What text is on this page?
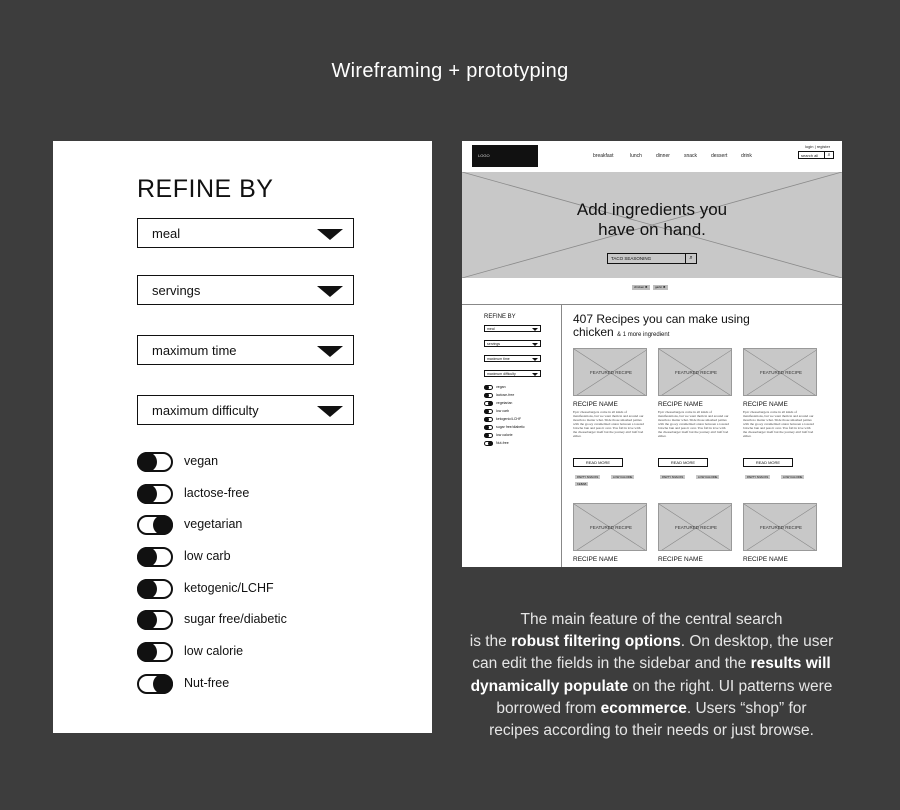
Wireframing + prototyping
REFINE BY
meal
servings
maximum time
maximum difficulty
vegan
lactose-free
vegetarian
low carb
ketogenic/LCHF
sugar free/diabetic
low calorie
Nut-free
LOGO	breakfast	lunch	dinner	snack	dessert	drink
login | register
search all	⌕
Add ingredients you
have on hand.
TACO SEASONING	⌕
chicken ✖	garlic ✖
REFINE BY
meal
servings
maximum time
maximum difficulty
vegan
lactose-free
vegetarian
low carb
ketogenic/LCHF
sugar free/diabetic
low calorie
Nut-free
407 Recipes you can make using
chicken & 1 more ingredient
FEATURED RECIPE
RECIPE NAME
Epic cheeseburgers come in all kinds of manifestations, but we want them in and around our mouth no matter what. Slide those smashed patties with the gooey caramelized onion between a toasted brioche bun and pass it over. You fall in love with the cheeseburger itself but the journey ain't half bad either.
READ MORE
PARTY SNACKS	LOW CALORIE
KEBAB
FEATURED RECIPE
RECIPE NAME
Epic cheeseburgers come in all kinds of manifestations, but we want them in and around our mouth no matter what. Slide those smashed patties with the gooey caramelized onion between a toasted brioche bun and pass it over. You fall in love with the cheeseburger itself but the journey ain't half bad either.
READ MORE
PARTY SNACKS	LOW CALORIE
FEATURED RECIPE
RECIPE NAME
Epic cheeseburgers come in all kinds of manifestations, but we want them in and around our mouth no matter what. Slide those smashed patties with the gooey caramelized onion between a toasted brioche bun and pass it over. You fall in love with the cheeseburger itself but the journey ain't half bad either.
READ MORE
PARTY SNACKS	LOW CALORIE
FEATURED RECIPE
RECIPE NAME
FEATURED RECIPE
RECIPE NAME
FEATURED RECIPE
RECIPE NAME
The main feature of the central search
is the robust filtering options. On desktop, the user
can edit the fields in the sidebar and the results will
dynamically populate on the right. UI patterns were
borrowed from ecommerce. Users “shop” for
recipes according to their needs or just browse.
